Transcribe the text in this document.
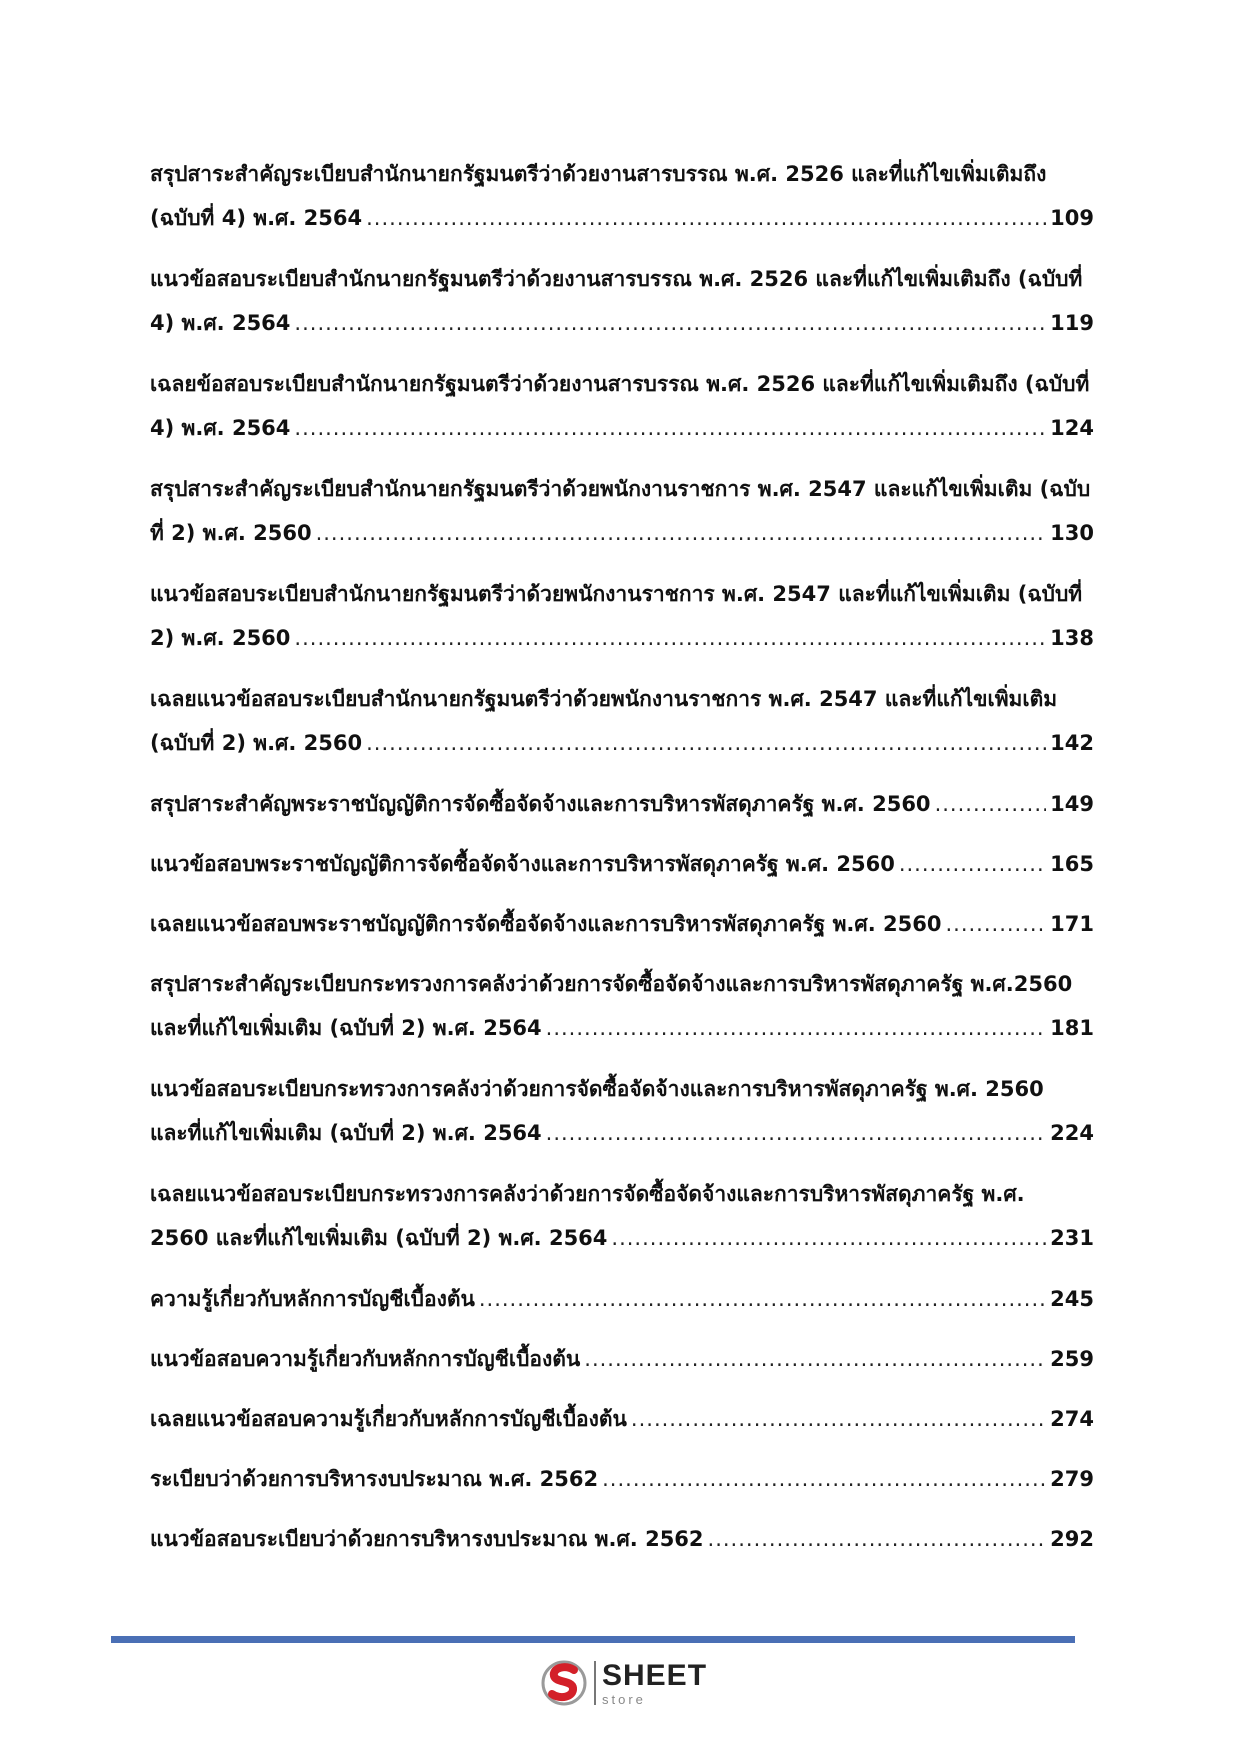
สรุปสาระสำคัญระเบียบสำนักนายกรัฐมนตรีว่าด้วยงานสารบรรณ พ.ศ. 2526 และที่แก้ไขเพิ่มเติมถึง
(ฉบับที่ 4) พ.ศ. 2564 .....	109
แนวข้อสอบระเบียบสำนักนายกรัฐมนตรีว่าด้วยงานสารบรรณ พ.ศ. 2526 และที่แก้ไขเพิ่มเติมถึง (ฉบับที่
4) พ.ศ. 2564 .....	119
เฉลยข้อสอบระเบียบสำนักนายกรัฐมนตรีว่าด้วยงานสารบรรณ พ.ศ. 2526 และที่แก้ไขเพิ่มเติมถึง (ฉบับที่
4) พ.ศ. 2564 .....	124
สรุปสาระสำคัญระเบียบสำนักนายกรัฐมนตรีว่าด้วยพนักงานราชการ พ.ศ. 2547 และแก้ไขเพิ่มเติม (ฉบับ
ที่ 2) พ.ศ. 2560 .....	130
แนวข้อสอบระเบียบสำนักนายกรัฐมนตรีว่าด้วยพนักงานราชการ พ.ศ. 2547 และที่แก้ไขเพิ่มเติม (ฉบับที่
2) พ.ศ. 2560 .....	138
เฉลยแนวข้อสอบระเบียบสำนักนายกรัฐมนตรีว่าด้วยพนักงานราชการ พ.ศ. 2547 และที่แก้ไขเพิ่มเติม
(ฉบับที่ 2) พ.ศ. 2560 .....	142
สรุปสาระสำคัญพระราชบัญญัติการจัดซื้อจัดจ้างและการบริหารพัสดุภาครัฐ พ.ศ. 2560 .....	149
แนวข้อสอบพระราชบัญญัติการจัดซื้อจัดจ้างและการบริหารพัสดุภาครัฐ พ.ศ. 2560 .....	165
เฉลยแนวข้อสอบพระราชบัญญัติการจัดซื้อจัดจ้างและการบริหารพัสดุภาครัฐ พ.ศ. 2560 .....	171
สรุปสาระสำคัญระเบียบกระทรวงการคลังว่าด้วยการจัดซื้อจัดจ้างและการบริหารพัสดุภาครัฐ พ.ศ.2560
และที่แก้ไขเพิ่มเติม (ฉบับที่ 2) พ.ศ. 2564 .....	181
แนวข้อสอบระเบียบกระทรวงการคลังว่าด้วยการจัดซื้อจัดจ้างและการบริหารพัสดุภาครัฐ พ.ศ. 2560
และที่แก้ไขเพิ่มเติม (ฉบับที่ 2) พ.ศ. 2564 .....	224
เฉลยแนวข้อสอบระเบียบกระทรวงการคลังว่าด้วยการจัดซื้อจัดจ้างและการบริหารพัสดุภาครัฐ พ.ศ.
2560 และที่แก้ไขเพิ่มเติม (ฉบับที่ 2) พ.ศ. 2564 .....	231
ความรู้เกี่ยวกับหลักการบัญชีเบื้องต้น .....	245
แนวข้อสอบความรู้เกี่ยวกับหลักการบัญชีเบื้องต้น .....	259
เฉลยแนวข้อสอบความรู้เกี่ยวกับหลักการบัญชีเบื้องต้น .....	274
ระเบียบว่าด้วยการบริหารงบประมาณ พ.ศ. 2562 .....	279
แนวข้อสอบระเบียบว่าด้วยการบริหารงบประมาณ พ.ศ. 2562 .....	292
SHEET
store
